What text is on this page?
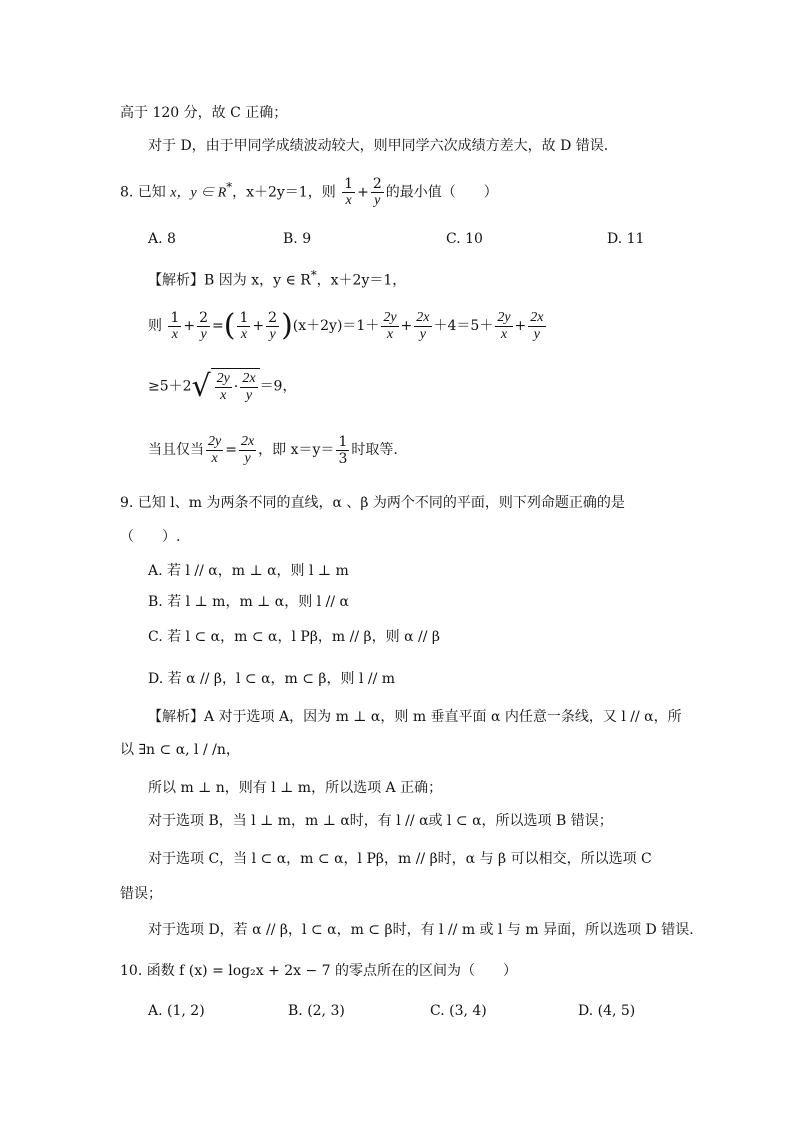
高于 120 分，故 C 正确；
对于 D，由于甲同学成绩波动较大，则甲同学六次成绩方差大，故 D 错误.
8. 已知 x，y ∈ R*，x＋2y＝1，则 $\frac{1}{x} + \frac{2}{y}$ 的最小值（　　）
A. 8	B. 9	C. 10	D. 11
【解析】B 因为 x，y ∈ R*，x＋2y＝1，
则 $\frac{1}{x} + \frac{2}{y}$ =( $\frac{1}{x} + \frac{2}{y} )(x+2y)=1+ \frac{2y}{x} + \frac{2x}{y} +4=5+ \frac{2y}{x} + \frac{2x}{y}$
$\ge 5+2√ \frac{2y}{x} \cdot \frac{2x}{y} =9$，
当且仅当 $\frac{2y}{x} = \frac{2x}{y}$ ，即 $x=y= \frac{1}{3}$ 时取等.
9. 已知 l、m 为两条不同的直线，α 、β 为两个不同的平面，则下列命题正确的是
（　　）.
A. 若 l // α，m ⊥ α，则 l ⊥ m
B. 若 l ⊥ m，m ⊥ α，则 l // α
C. 若 l ⊂ α，m ⊂ α，l Pβ，m // β，则 α // β
D. 若 α // β，l ⊂ α，m ⊂ β，则 l // m
【解析】A 对于选项 A，因为 m ⊥ α，则 m 垂直平面 α 内任意一条线，又 l // α，所
以 ∃n ⊂ α, l / /n，
所以 m ⊥ n，则有 l ⊥ m，所以选项 A 正确；
对于选项 B，当 l ⊥ m，m ⊥ α时，有 l // α或 l ⊂ α，所以选项 B 错误；
对于选项 C，当 l ⊂ α，m ⊂ α，l Pβ，m // β时，α 与 β 可以相交，所以选项 C
错误；
对于选项 D，若 α // β，l ⊂ α，m ⊂ β时，有 l // m 或 l 与 m 异面，所以选项 D 错误.
10. 函数 f (x) = log₂x + 2x − 7 的零点所在的区间为（　　）
A. (1, 2)	B. (2, 3)	C. (3, 4)	D. (4, 5)
